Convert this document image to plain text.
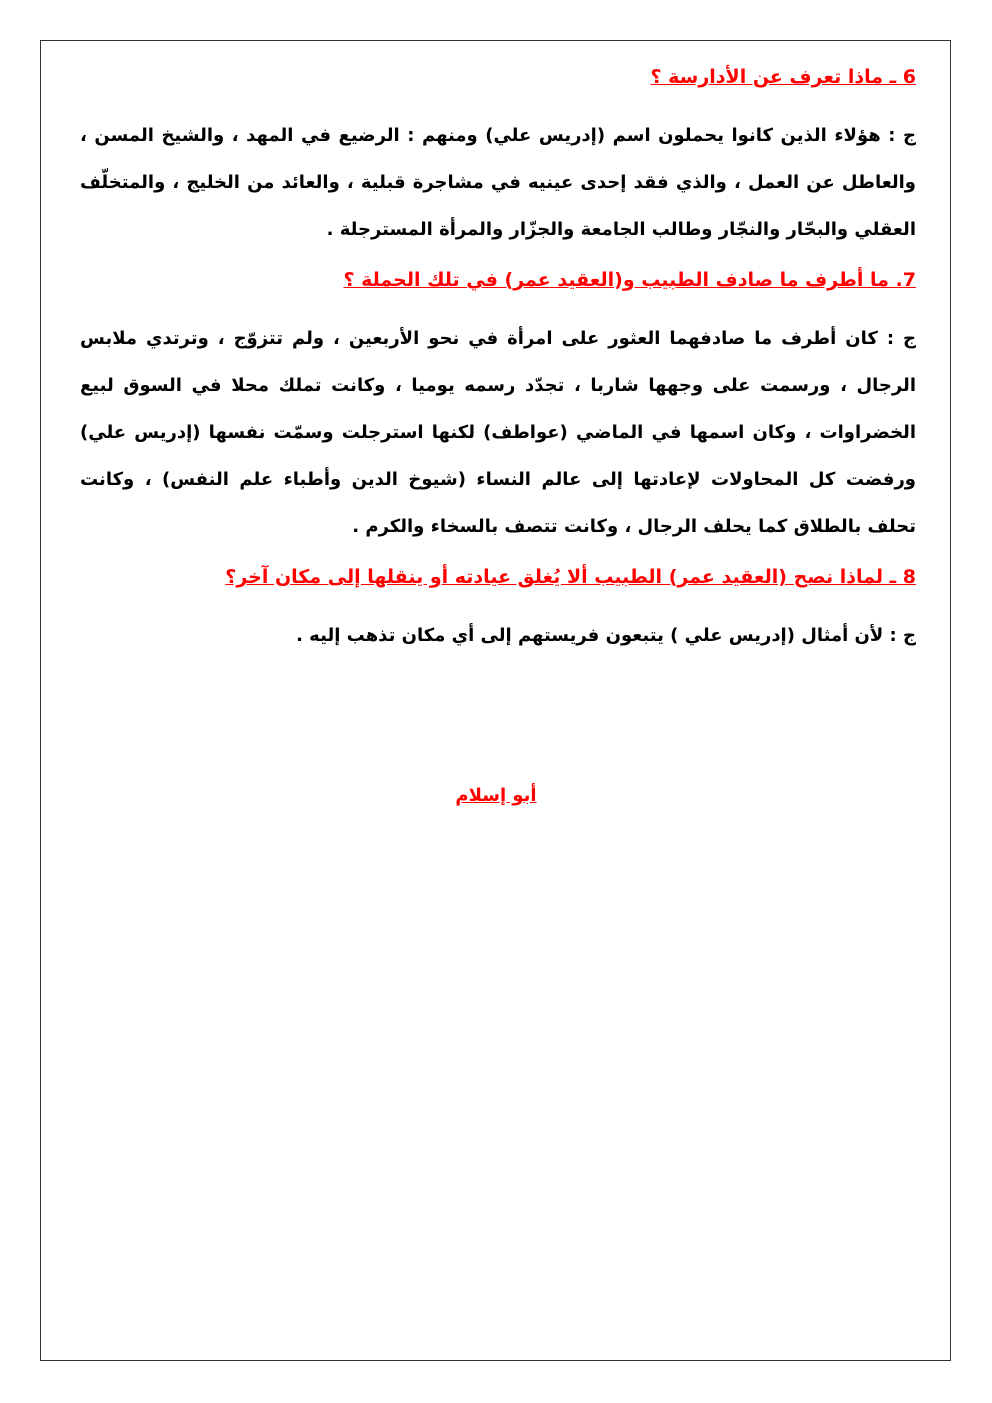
6 ـ ماذا تعرف عن الأدارسة ؟

ج : هؤلاء الذين كانوا يحملون اسم (إدريس علي) ومنهم : الرضيع في المهد ، والشيخ المسن ، والعاطل عن العمل ، والذي فقد إحدى عينيه في مشاجرة قبلية ، والعائد من الخليج ، والمتخلّف العقلي والبحّار والنجّار وطالب الجامعة والجزّار والمرأة المسترجلة .

7. ما أطرف ما صادف الطبيب و(العقيد عمر) في تلك الحملة ؟

ج : كان أطرف ما صادفهما العثور على امرأة في نحو الأربعين ، ولم تتزوّج ، وترتدي ملابس الرجال ، ورسمت على وجهها شاربا ، تجدّد رسمه يوميا ، وكانت تملك محلا في السوق لبيع الخضراوات ، وكان اسمها في الماضي (عواطف) لكنها استرجلت وسمّت نفسها (إدريس علي) ورفضت كل المحاولات لإعادتها إلى عالم النساء (شيوخ الدين وأطباء علم النفس) ، وكانت تحلف بالطلاق كما يحلف الرجال ، وكانت تتصف بالسخاء والكرم .

8 ـ لماذا نصح (العقيد عمر) الطبيب ألا يُغلق عيادته أو ينقلها إلى مكان آخر؟

ج : لأن أمثال (إدريس علي ) يتبعون فريستهم إلى أي مكان تذهب إليه .

أبو إسلام
